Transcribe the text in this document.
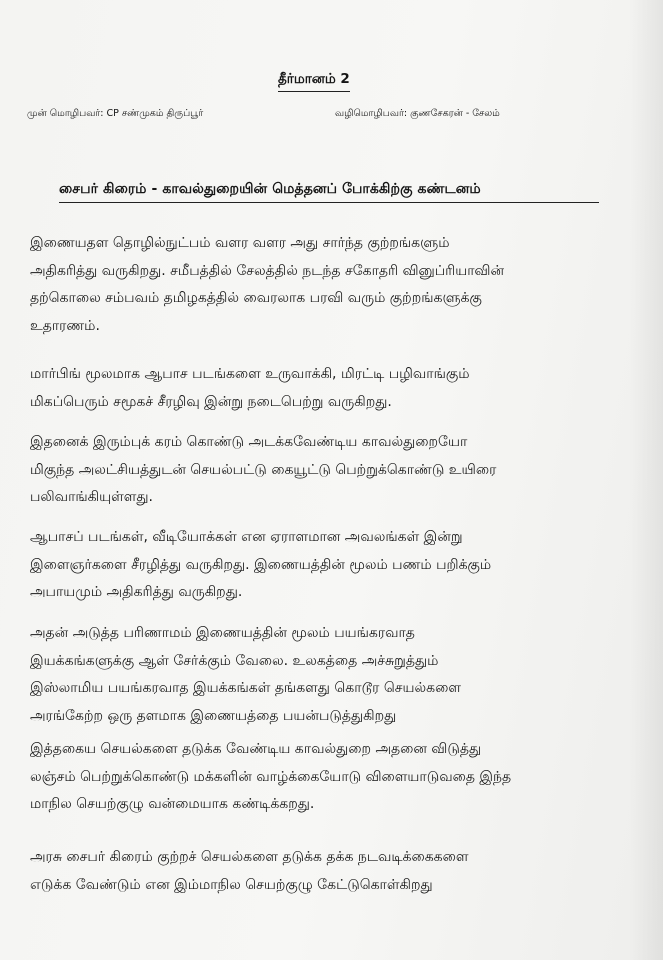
தீர்மானம் 2
முன் மொழிபவர்: CP சண்முகம் திருப்பூர்	வழிமொழிபவர்: குணசேகரன் - சேலம்
சைபர் கிரைம் - காவல்துறையின் மெத்தனப் போக்கிற்கு கண்டனம்

இணையதள தொழில்நுட்பம் வளர வளர அது சார்ந்த குற்றங்களும்
அதிகரித்து வருகிறது. சமீபத்தில் சேலத்தில் நடந்த சகோதரி வினுப்ரியாவின்
தற்கொலை சம்பவம் தமிழகத்தில் வைரலாக பரவி வரும் குற்றங்களுக்கு
உதாரணம்.

மார்பிங் மூலமாக ஆபாச படங்களை உருவாக்கி, மிரட்டி பழிவாங்கும்
மிகப்பெரும் சமூகச் சீரழிவு இன்று நடைபெற்று வருகிறது.

இதனைக் இரும்புக் கரம் கொண்டு அடக்கவேண்டிய காவல்துறையோ
மிகுந்த அலட்சியத்துடன் செயல்பட்டு கையூட்டு பெற்றுக்கொண்டு உயிரை
பலிவாங்கியுள்ளது.

ஆபாசப் படங்கள், வீடியோக்கள் என ஏராளமான அவலங்கள் இன்று
இளைஞர்களை சீரழித்து வருகிறது. இணையத்தின் மூலம் பணம் பறிக்கும்
அபாயமும் அதிகரித்து வருகிறது.

அதன் அடுத்த பரிணாமம் இணையத்தின் மூலம் பயங்கரவாத
இயக்கங்களுக்கு ஆள் சேர்க்கும் வேலை. உலகத்தை அச்சுறுத்தும்
இஸ்லாமிய பயங்கரவாத இயக்கங்கள் தங்களது கொடூர செயல்களை
அரங்கேற்ற ஒரு தளமாக இணையத்தை பயன்படுத்துகிறது

இத்தகைய செயல்களை தடுக்க வேண்டிய காவல்துறை அதனை விடுத்து
லஞ்சம் பெற்றுக்கொண்டு மக்களின் வாழ்க்கையோடு விளையாடுவதை இந்த
மாநில செயற்குழு வன்மையாக கண்டிக்கறது.

அரசு சைபர் கிரைம் குற்றச் செயல்களை தடுக்க தக்க நடவடிக்கைகளை
எடுக்க வேண்டும் என இம்மாநில செயற்குழு கேட்டுகொள்கிறது
